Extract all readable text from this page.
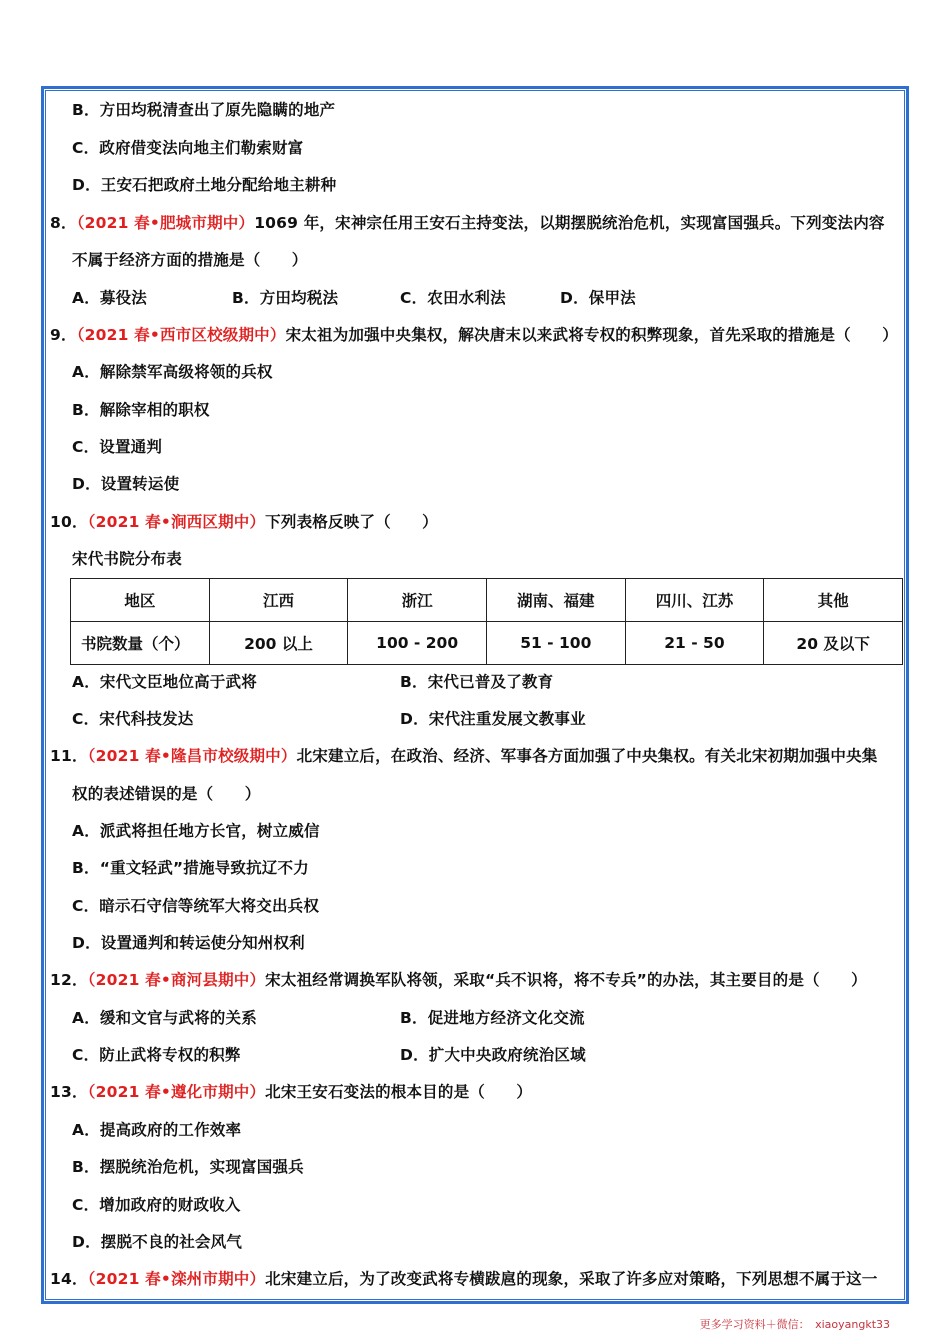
B．方田均税清查出了原先隐瞒的地产
C．政府借变法向地主们勒索财富
D．王安石把政府土地分配给地主耕种
8．（2021 春•肥城市期中）1069 年，宋神宗任用王安石主持变法，以期摆脱统治危机，实现富国强兵。下列变法内容
不属于经济方面的措施是（　　）
A．募役法	B．方田均税法	C．农田水利法	D．保甲法
9．（2021 春•西市区校级期中）宋太祖为加强中央集权，解决唐末以来武将专权的积弊现象，首先采取的措施是（　　）
A．解除禁军高级将领的兵权
B．解除宰相的职权
C．设置通判
D．设置转运使
10．（2021 春•涧西区期中）下列表格反映了（　　）
宋代书院分布表
地区	江西	浙江	湖南、福建	四川、江苏	其他
书院数量（个）	200 以上	100 - 200	51 - 100	21 - 50	20 及以下
A．宋代文臣地位高于武将	B．宋代已普及了教育
C．宋代科技发达	D．宋代注重发展文教事业
11．（2021 春•隆昌市校级期中）北宋建立后，在政治、经济、军事各方面加强了中央集权。有关北宋初期加强中央集
权的表述错误的是（　　）
A．派武将担任地方长官，树立威信
B．“重文轻武”措施导致抗辽不力
C．暗示石守信等统军大将交出兵权
D．设置通判和转运使分知州权利
12．（2021 春•商河县期中）宋太祖经常调换军队将领，采取“兵不识将，将不专兵”的办法，其主要目的是（　　）
A．缓和文官与武将的关系	B．促进地方经济文化交流
C．防止武将专权的积弊	D．扩大中央政府统治区域
13．（2021 春•遵化市期中）北宋王安石变法的根本目的是（　　）
A．提高政府的工作效率
B．摆脱统治危机，实现富国强兵
C．增加政府的财政收入
D．摆脱不良的社会风气
14．（2021 春•滦州市期中）北宋建立后，为了改变武将专横跋扈的现象，采取了许多应对策略，下列思想不属于这一
更多学习资料＋微信：　xiaoyangkt33
